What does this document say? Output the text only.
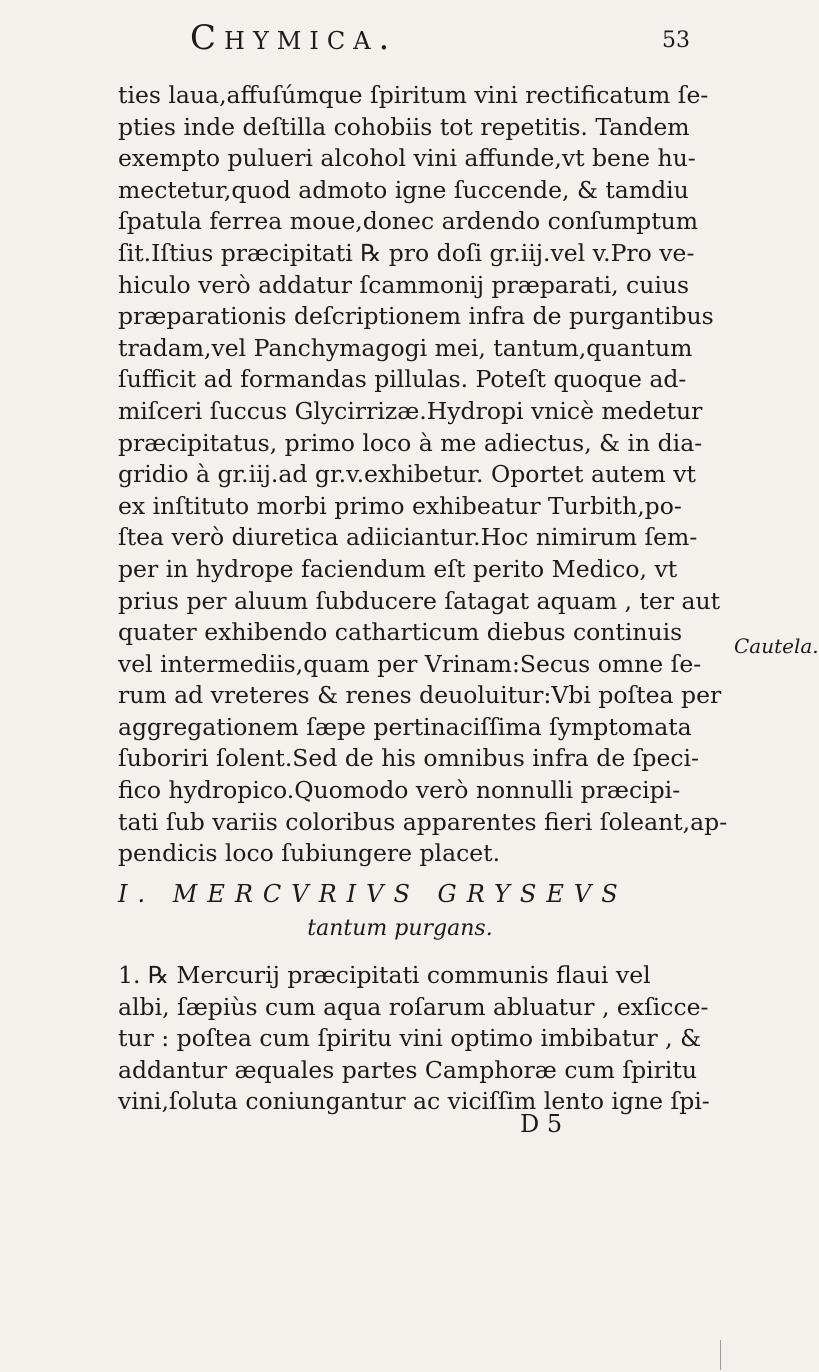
Chymica.	53
ties laua,affuſúmque ſpiritum vini rectificatum ſe-
pties inde deſtilla cohobiis tot repetitis. Tandem
exempto pulueri alcohol vini affunde,vt bene hu-
mectetur,quod admoto igne ſuccende, & tamdiu
ſpatula ferrea moue,donec ardendo conſumptum
ſit.Iſtius præcipitati ℞ pro doſi gr.iij.vel v.Pro ve-
hiculo verò addatur ſcammonij præparati, cuius
præparationis deſcriptionem infra de purgantibus
tradam,vel Panchymagogi mei, tantum,quantum
ſufficit ad formandas pillulas. Poteſt quoque ad-
miſceri ſuccus Glycirrizæ.Hydropi vnicè medetur
præcipitatus, primo loco à me adiectus, & in dia-
gridio à gr.iij.ad gr.v.exhibetur. Oportet autem vt
ex inſtituto morbi primo exhibeatur Turbith,po-
ſtea verò diuretica adiiciantur.Hoc nimirum ſem-
per in hydrope faciendum eſt perito Medico, vt
prius per aluum ſubducere ſatagat aquam , ter aut
quater exhibendo catharticum diebus continuis
vel intermediis,quam per Vrinam:Secus omne ſe-
rum ad vreteres & renes deuoluitur:Vbi poſtea per
aggregationem ſæpe pertinaciſſima ſymptomata
ſuboriri ſolent.Sed de his omnibus infra de ſpeci-
fico hydropico.Quomodo verò nonnulli præcipi-
tati ſub variis coloribus apparentes fieri ſoleant,ap-
pendicis loco ſubiungere placet.
Cautela.
I. MERCVRIVS GRYSEVS
tantum purgans.
1. ℞ Mercurij præcipitati communis flaui vel
albi, ſæpiùs cum aqua roſarum abluatur , exſicce-
tur : poſtea cum ſpiritu vini optimo imbibatur , &
addantur æquales partes Camphoræ cum ſpiritu
vini,ſoluta coniungantur ac viciſſim lento igne ſpi-
D 5
